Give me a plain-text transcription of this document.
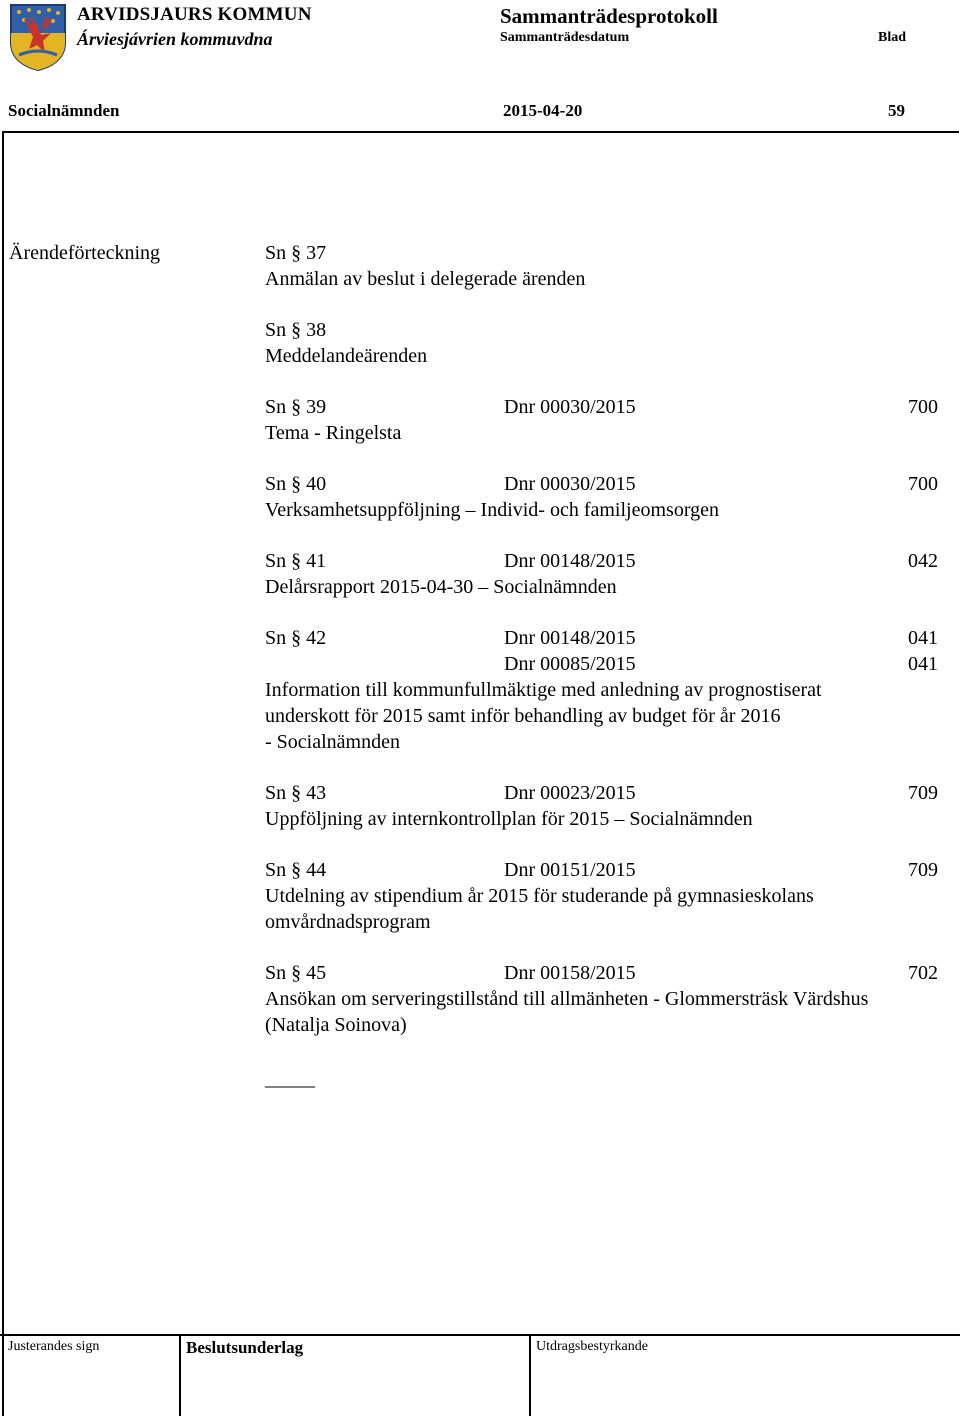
ARVIDSJAURS KOMMUN
Árviesjávrien kommuvdna
Sammanträdesprotokoll
Sammanträdesdatum	Blad
Socialnämnden	2015-04-20	59
Ärendeförteckning	Sn § 37
Anmälan av beslut i delegerade ärenden
Sn § 38
Meddelandeärenden
Sn § 39	Dnr 00030/2015	700
Tema - Ringelsta
Sn § 40	Dnr 00030/2015	700
Verksamhetsuppföljning – Individ- och familjeomsorgen
Sn § 41	Dnr 00148/2015	042
Delårsrapport 2015-04-30 – Socialnämnden
Sn § 42	Dnr 00148/2015	041
Dnr 00085/2015	041
Information till kommunfullmäktige med anledning av prognostiserat
underskott för 2015 samt inför behandling av budget för år 2016
- Socialnämnden
Sn § 43	Dnr 00023/2015	709
Uppföljning av internkontrollplan för 2015 – Socialnämnden
Sn § 44	Dnr 00151/2015	709
Utdelning av stipendium år 2015 för studerande på gymnasieskolans
omvårdnadsprogram
Sn § 45	Dnr 00158/2015	702
Ansökan om serveringstillstånd till allmänheten - Glommersträsk Värdshus
(Natalja Soinova)
_____
Justerandes sign	Beslutsunderlag	Utdragsbestyrkande
